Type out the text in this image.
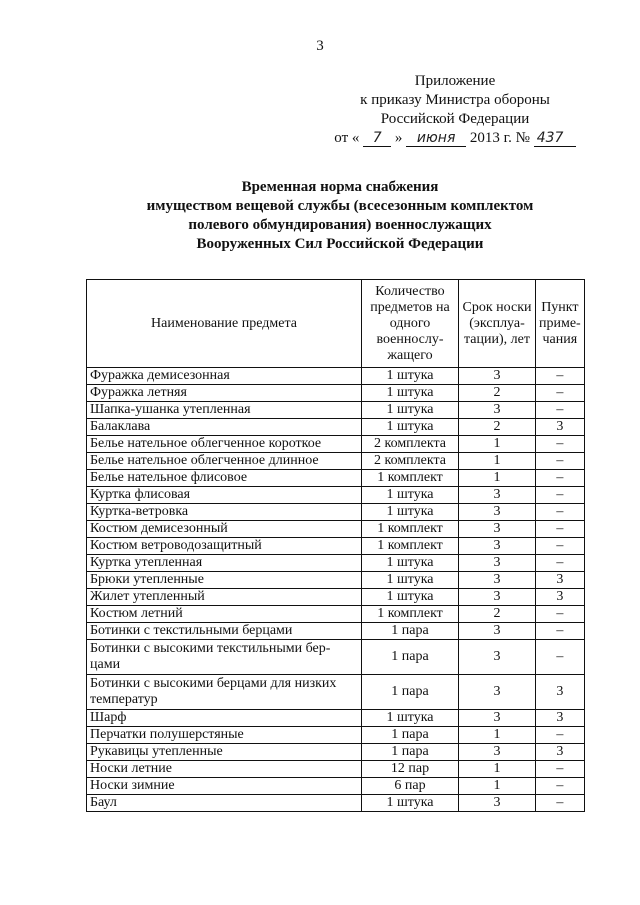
3
Приложение
к приказу Министра обороны
Российской Федерации
от « 7 » июня 2013 г. № 437
Временная норма снабжения
имуществом вещевой службы (всесезонным комплектом
полевого обмундирования) военнослужащих
Вооруженных Сил Российской Федерации
Наименование предмета	Количество предметов на одного военнослу-жащего	Срок носки (эксплуа-тации), лет	Пункт приме-чания
Фуражка демисезонная	1 штука	3	–
Фуражка летняя	1 штука	2	–
Шапка-ушанка утепленная	1 штука	3	–
Балаклава	1 штука	2	3
Белье нательное облегченное короткое	2 комплекта	1	–
Белье нательное облегченное длинное	2 комплекта	1	–
Белье нательное флисовое	1 комплект	1	–
Куртка флисовая	1 штука	3	–
Куртка-ветровка	1 штука	3	–
Костюм демисезонный	1 комплект	3	–
Костюм ветроводозащитный	1 комплект	3	–
Куртка утепленная	1 штука	3	–
Брюки утепленные	1 штука	3	3
Жилет утепленный	1 штука	3	3
Костюм летний	1 комплект	2	–
Ботинки с текстильными берцами	1 пара	3	–
Ботинки с высокими текстильными бер-цами	1 пара	3	–
Ботинки с высокими берцами для низких температур	1 пара	3	3
Шарф	1 штука	3	3
Перчатки полушерстяные	1 пара	1	–
Рукавицы утепленные	1 пара	3	3
Носки летние	12 пар	1	–
Носки зимние	6 пар	1	–
Баул	1 штука	3	–
